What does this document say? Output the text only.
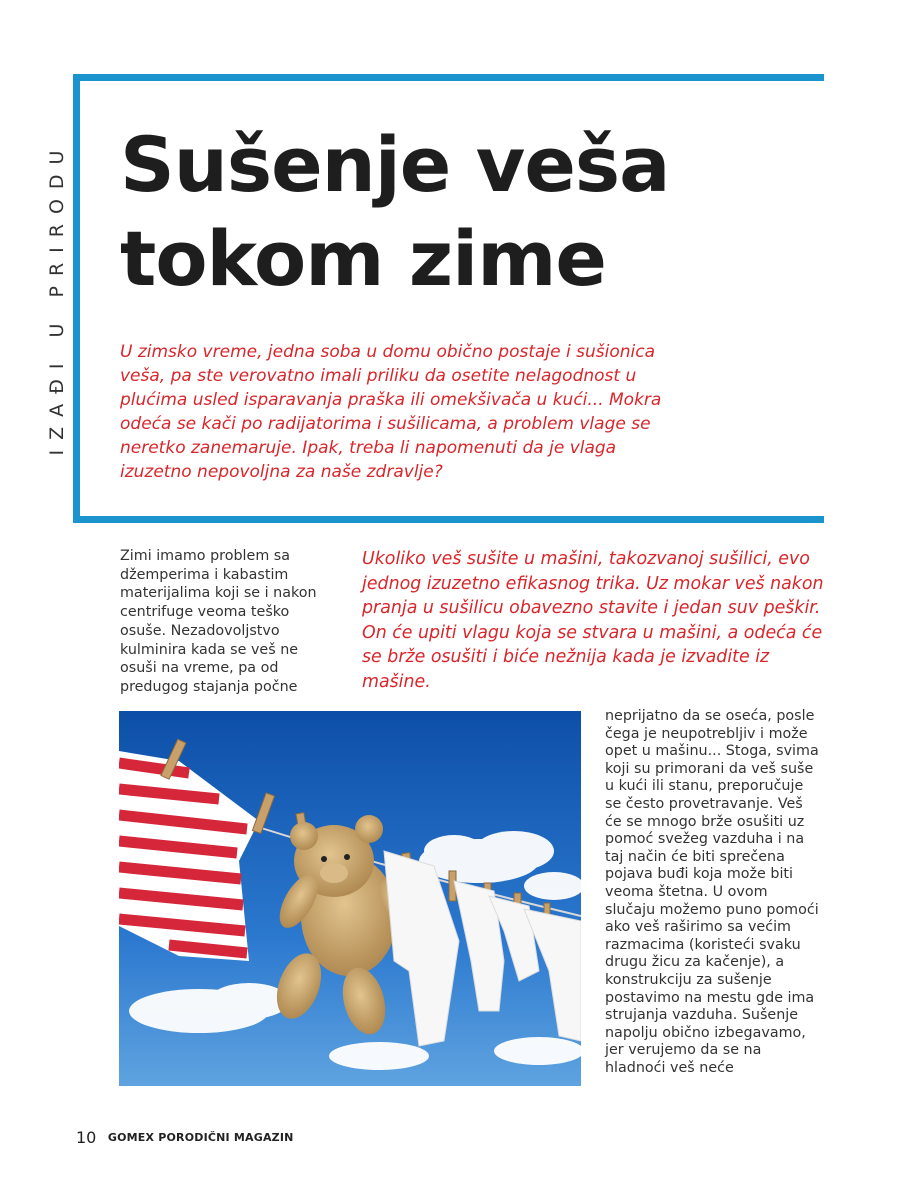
IZAĐI U PRIRODU Sušenje veša
tokom zime

U zimsko vreme, jedna soba u domu obično postaje i sušionica veša, pa ste verovatno imali priliku da osetite nelagodnost u plućima usled isparavanja praška ili omekšivača u kući... Mokra odeća se kači po radijatorima i sušilicama, a problem vlage se neretko zanemaruje. Ipak, treba li napomenuti da je vlaga izuzetno nepovoljna za naše zdravlje?

Zimi imamo problem sa džemperima i kabastim materijalima koji se i nakon centrifuge veoma teško osuše. Nezadovoljstvo kulminira kada se veš ne osuši na vreme, pa od predugog stajanja počne

Ukoliko veš sušite u mašini, takozvanoj sušilici, evo jednog izuzetno efikasnog trika. Uz mokar veš nakon pranja u sušilicu obavezno stavite i jedan suv peškir. On će upiti vlagu koja se stvara u mašini, a odeća će se brže osušiti i biće nežnija kada je izvadite iz mašine.

neprijatno da se oseća, posle čega je neupotrebljiv i može opet u mašinu... Stoga, svima koji su primorani da veš suše u kući ili stanu, preporučuje se često provetravanje. Veš će se mnogo brže osušiti uz pomoć svežeg vazduha i na taj način će biti sprečena pojava buđi koja može biti veoma štetna. U ovom slučaju možemo puno pomoći ako veš raširimo sa većim razmacima (koristeći svaku drugu žicu za kačenje), a konstrukciju za sušenje postavimo na mestu gde ima strujanja vazduha. Sušenje napolju obično izbegavamo, jer verujemo da se na hladnoći veš neće

10 GOMEX PORODIČNI MAGAZIN
